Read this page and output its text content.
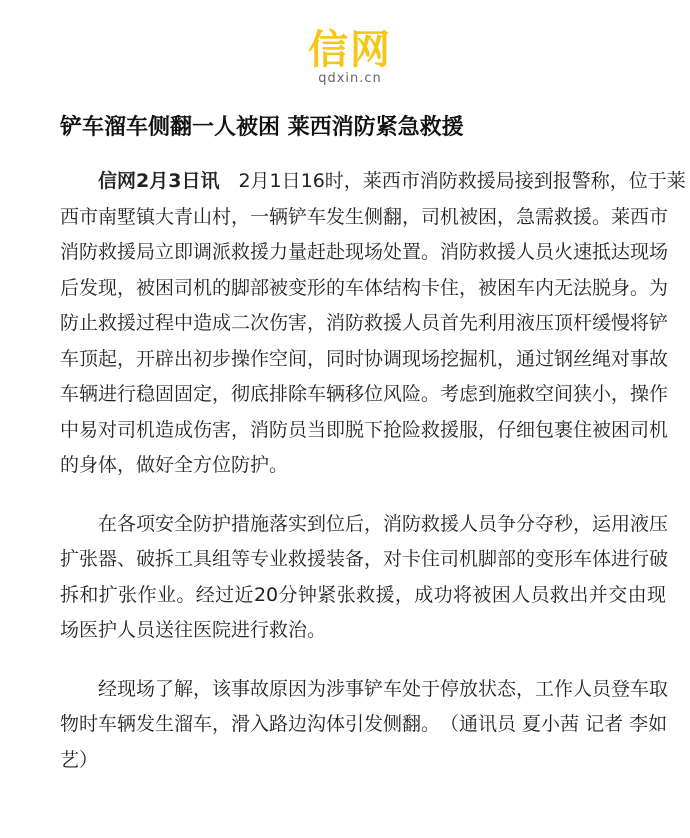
信网
qdxin.cn
铲车溜车侧翻一人被困 莱西消防紧急救援
信网2月3日讯　2月1日16时，莱西市消防救援局接到报警称，位于莱
西市南墅镇大青山村，一辆铲车发生侧翻，司机被困，急需救援。莱西市
消防救援局立即调派救援力量赶赴现场处置。消防救援人员火速抵达现场
后发现，被困司机的脚部被变形的车体结构卡住，被困车内无法脱身。为
防止救援过程中造成二次伤害，消防救援人员首先利用液压顶杆缓慢将铲
车顶起，开辟出初步操作空间，同时协调现场挖掘机，通过钢丝绳对事故
车辆进行稳固固定，彻底排除车辆移位风险。考虑到施救空间狭小，操作
中易对司机造成伤害，消防员当即脱下抢险救援服，仔细包裹住被困司机
的身体，做好全方位防护。
在各项安全防护措施落实到位后，消防救援人员争分夺秒，运用液压
扩张器、破拆工具组等专业救援装备，对卡住司机脚部的变形车体进行破
拆和扩张作业。经过近20分钟紧张救援，成功将被困人员救出并交由现
场医护人员送往医院进行救治。
经现场了解，该事故原因为涉事铲车处于停放状态，工作人员登车取
物时车辆发生溜车，滑入路边沟体引发侧翻。　（通讯员 夏小茜 记者 李如
艺）
